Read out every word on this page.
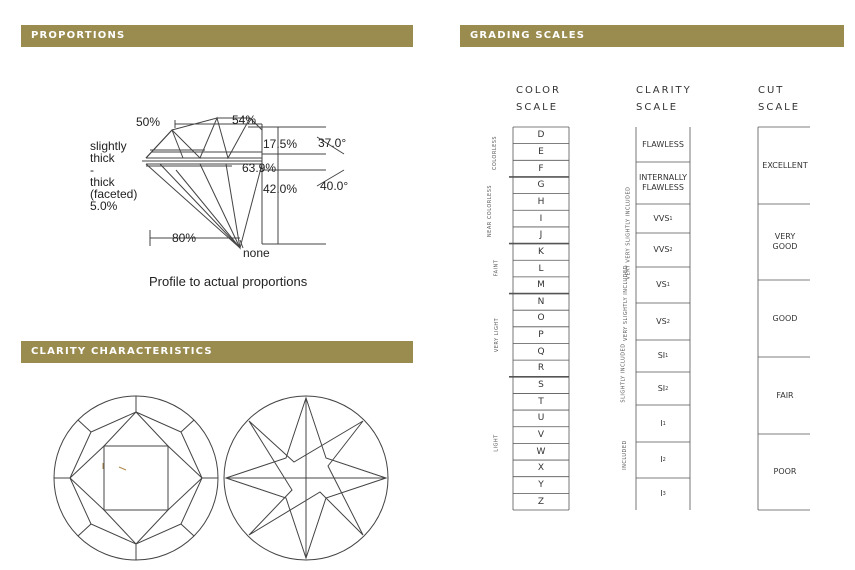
PROPORTIONS	GRADING SCALES
CLARITY CHARACTERISTICS
50%	54%
17.5% 37.0°
63.9%
42.0% 40.0°
80%
none
slightly
thick
-
thick
(faceted)
5.0%
Profile to actual proportions
COLOR
SCALE
CLARITY
SCALE
CUT
SCALE
D
E
F
G
H
I
J
K
L
M
N
O
P
Q
R
S
T
U
V
W
X
Y
Z
COLORLESS
NEAR COLORLESS
FAINT
VERY LIGHT
LIGHT
FLAWLESS
INTERNALLY FLAWLESS
VVS 1
VVS 2
VS 1
VS 2
SI 1
SI 2
I 1
I 2
I 3
VERY VERY SLIGHTLY INCLUDED
VERY SLIGHTLY INCLUDED
SLIGHTLY INCLUDED
INCLUDED
EXCELLENT
VERY GOOD
GOOD
FAIR
POOR
